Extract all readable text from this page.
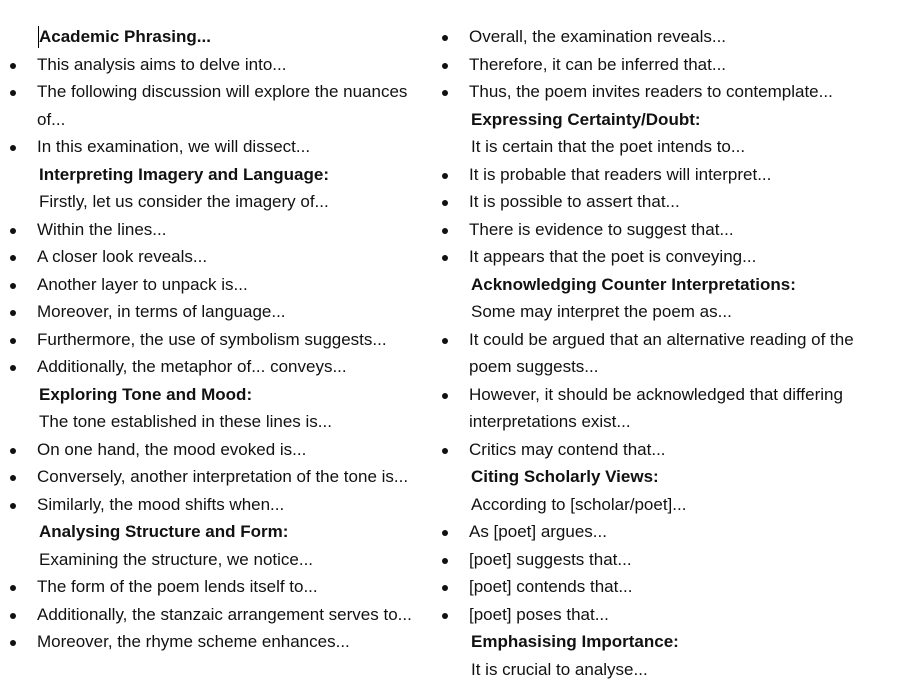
Academic Phrasing...
This analysis aims to delve into...
The following discussion will explore the nuances of...
In this examination, we will dissect...
Interpreting Imagery and Language:
Firstly, let us consider the imagery of...
Within the lines...
A closer look reveals...
Another layer to unpack is...
Moreover, in terms of language...
Furthermore, the use of symbolism suggests...
Additionally, the metaphor of... conveys...
Exploring Tone and Mood:
The tone established in these lines is...
On one hand, the mood evoked is...
Conversely, another interpretation of the tone is...
Similarly, the mood shifts when...
Analysing Structure and Form:
Examining the structure, we notice...
The form of the poem lends itself to...
Additionally, the stanzaic arrangement serves to...
Moreover, the rhyme scheme enhances...
Overall, the examination reveals...
Therefore, it can be inferred that...
Thus, the poem invites readers to contemplate...
Expressing Certainty/Doubt:
It is certain that the poet intends to...
It is probable that readers will interpret...
It is possible to assert that...
There is evidence to suggest that...
It appears that the poet is conveying...
Acknowledging Counter Interpretations:
Some may interpret the poem as...
It could be argued that an alternative reading of the poem suggests...
However, it should be acknowledged that differing interpretations exist...
Critics may contend that...
Citing Scholarly Views:
According to [scholar/poet]...
As [poet] argues...
[poet] suggests that...
[poet] contends that...
[poet] poses that...
Emphasising Importance:
It is crucial to analyse...
